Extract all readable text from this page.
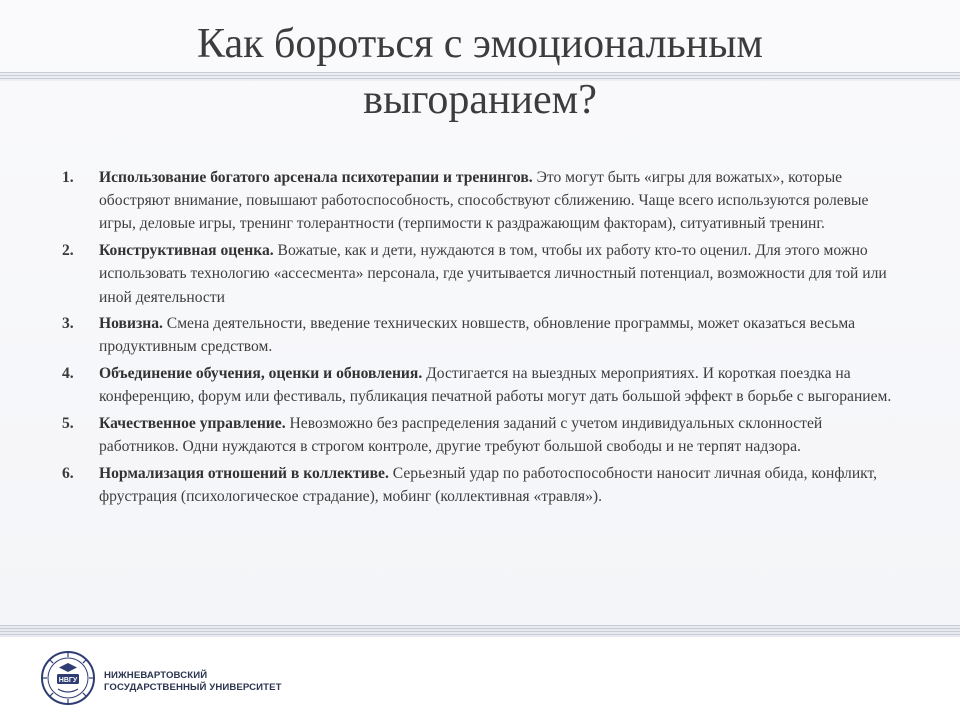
Как бороться с эмоциональным
выгоранием?
1.	Использование богатого арсенала психотерапии и тренингов. Это могут быть «игры для вожатых», которые обостряют внимание, повышают работоспособность, способствуют сближению. Чаще всего используются ролевые игры, деловые игры, тренинг толерантности (терпимости к раздражающим факторам), ситуативный тренинг.
2.	Конструктивная оценка. Вожатые, как и дети, нуждаются в том, чтобы их работу кто-то оценил. Для этого можно использовать технологию «ассесмента» персонала, где учитывается личностный потенциал, возможности для той или иной деятельности
3.	Новизна. Смена деятельности, введение технических новшеств, обновление программы, может оказаться весьма продуктивным средством.
4.	Объединение обучения, оценки и обновления. Достигается на выездных мероприятиях. И короткая поездка на конференцию, форум или фестиваль, публикация печатной работы могут дать большой эффект в борьбе с выгоранием.
5.	Качественное управление. Невозможно без распределения заданий с учетом индивидуальных склонностей работников. Одни нуждаются в строгом контроле, другие требуют большой свободы и не терпят надзора.
6.	Нормализация отношений в коллективе. Серьезный удар по работоспособности наносит личная обида, конфликт, фрустрация (психологическое страдание), мобинг (коллективная «травля»).
НВГУ	НИЖНЕВАРТОВСКИЙ
ГОСУДАРСТВЕННЫЙ УНИВЕРСИТЕТ
